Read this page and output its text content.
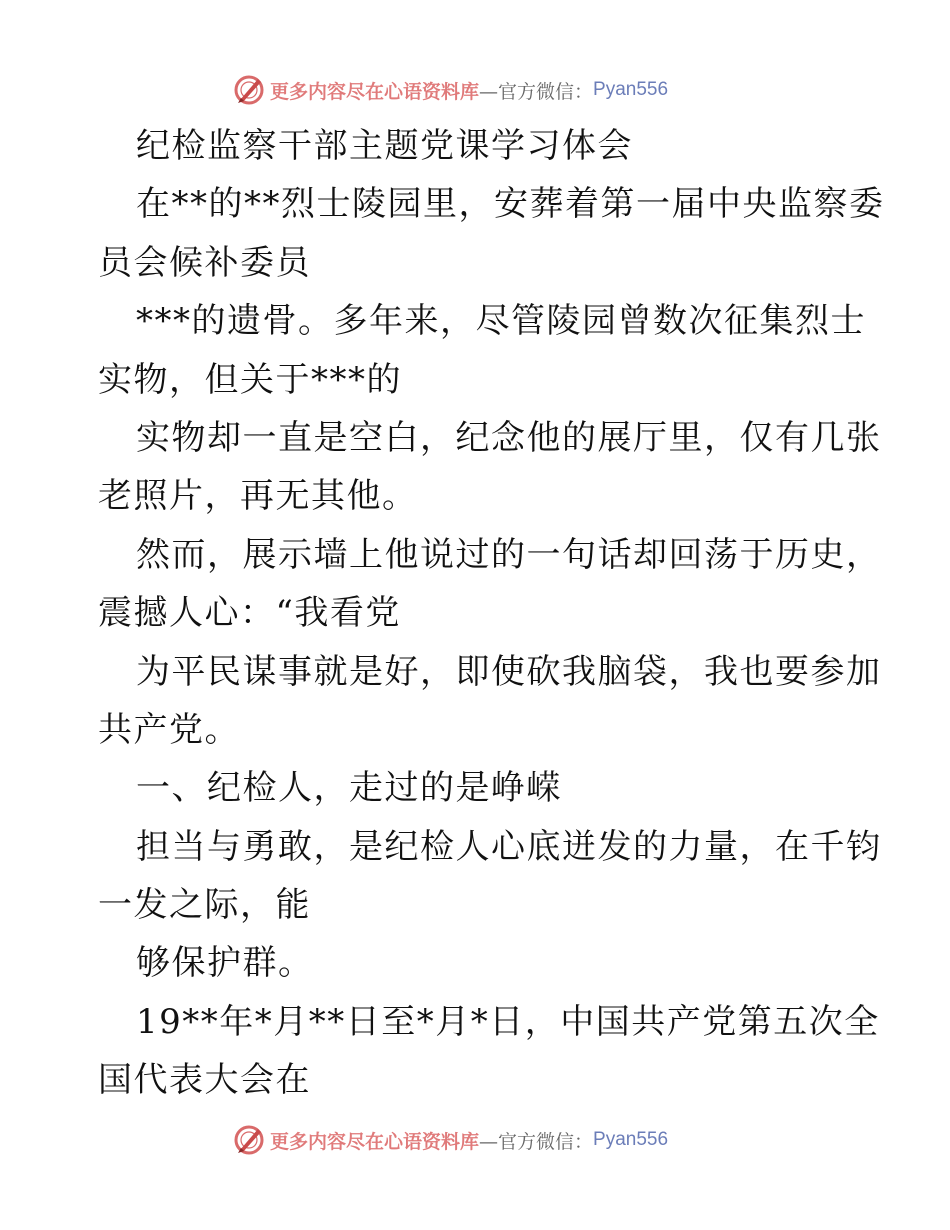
更多内容尽在心语资料库 —官方微信： Pyan556
纪检监察干部主题党课学习体会
在**的**烈士陵园里，安葬着第一届中央监察委
员会候补委员
***的遗骨。多年来，尽管陵园曾数次征集烈士
实物，但关于***的
实物却一直是空白，纪念他的展厅里，仅有几张
老照片，再无其他。
然而，展示墙上他说过的一句话却回荡于历史，
震撼人心：“我看党
为平民谋事就是好，即使砍我脑袋，我也要参加
共产党。
一、纪检人，走过的是峥嵘
担当与勇敢，是纪检人心底迸发的力量，在千钧
一发之际，能
够保护群。
19**年*月**日至*月*日，中国共产党第五次全
国代表大会在
更多内容尽在心语资料库 —官方微信： Pyan556
